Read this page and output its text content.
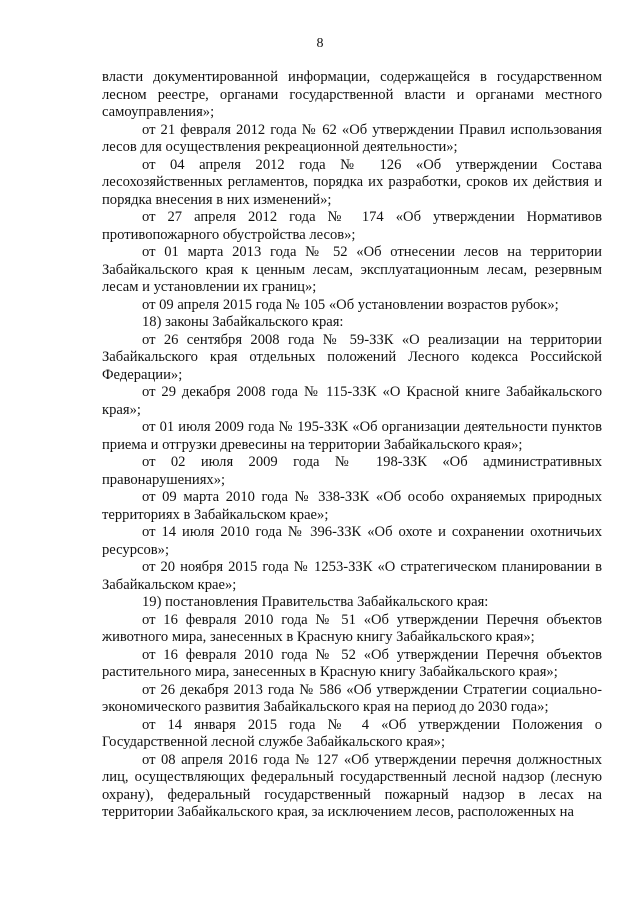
8

власти документированной информации, содержащейся в государственном лесном реестре, органами государственной власти и органами местного самоуправления»;

от 21 февраля 2012 года № 62 «Об утверждении Правил использования лесов для осуществления рекреационной деятельности»;

от 04 апреля 2012 года № 126 «Об утверждении Состава лесохозяйственных регламентов, порядка их разработки, сроков их действия и порядка внесения в них изменений»;

от 27 апреля 2012 года № 174 «Об утверждении Нормативов противопожарного обустройства лесов»;

от 01 марта 2013 года № 52 «Об отнесении лесов на территории Забайкальского края к ценным лесам, эксплуатационным лесам, резервным лесам и установлении их границ»;

от 09 апреля 2015 года № 105 «Об установлении возрастов рубок»;

18) законы Забайкальского края:

от 26 сентября 2008 года № 59-ЗЗК «О реализации на территории Забайкальского края отдельных положений Лесного кодекса Российской Федерации»;

от 29 декабря 2008 года № 115-ЗЗК «О Красной книге Забайкальского края»;

от 01 июля 2009 года № 195-ЗЗК «Об организации деятельности пунктов приема и отгрузки древесины на территории Забайкальского края»;

от 02 июля 2009 года № 198-ЗЗК «Об административных правонарушениях»;

от 09 марта 2010 года № 338-ЗЗК «Об особо охраняемых природных территориях в Забайкальском крае»;

от 14 июля 2010 года № 396-ЗЗК «Об охоте и сохранении охотничьих ресурсов»;

от 20 ноября 2015 года № 1253-ЗЗК «О стратегическом планировании в Забайкальском крае»;

19) постановления Правительства Забайкальского края:

от 16 февраля 2010 года № 51 «Об утверждении Перечня объектов животного мира, занесенных в Красную книгу Забайкальского края»;

от 16 февраля 2010 года № 52 «Об утверждении Перечня объектов растительного мира, занесенных в Красную книгу Забайкальского края»;

от 26 декабря 2013 года № 586 «Об утверждении Стратегии социально-экономического развития Забайкальского края на период до 2030 года»;

от 14 января 2015 года № 4 «Об утверждении Положения о Государственной лесной службе Забайкальского края»;

от 08 апреля 2016 года № 127 «Об утверждении перечня должностных лиц, осуществляющих федеральный государственный лесной надзор (лесную охрану), федеральный государственный пожарный надзор в лесах на территории Забайкальского края, за исключением лесов, расположенных на
